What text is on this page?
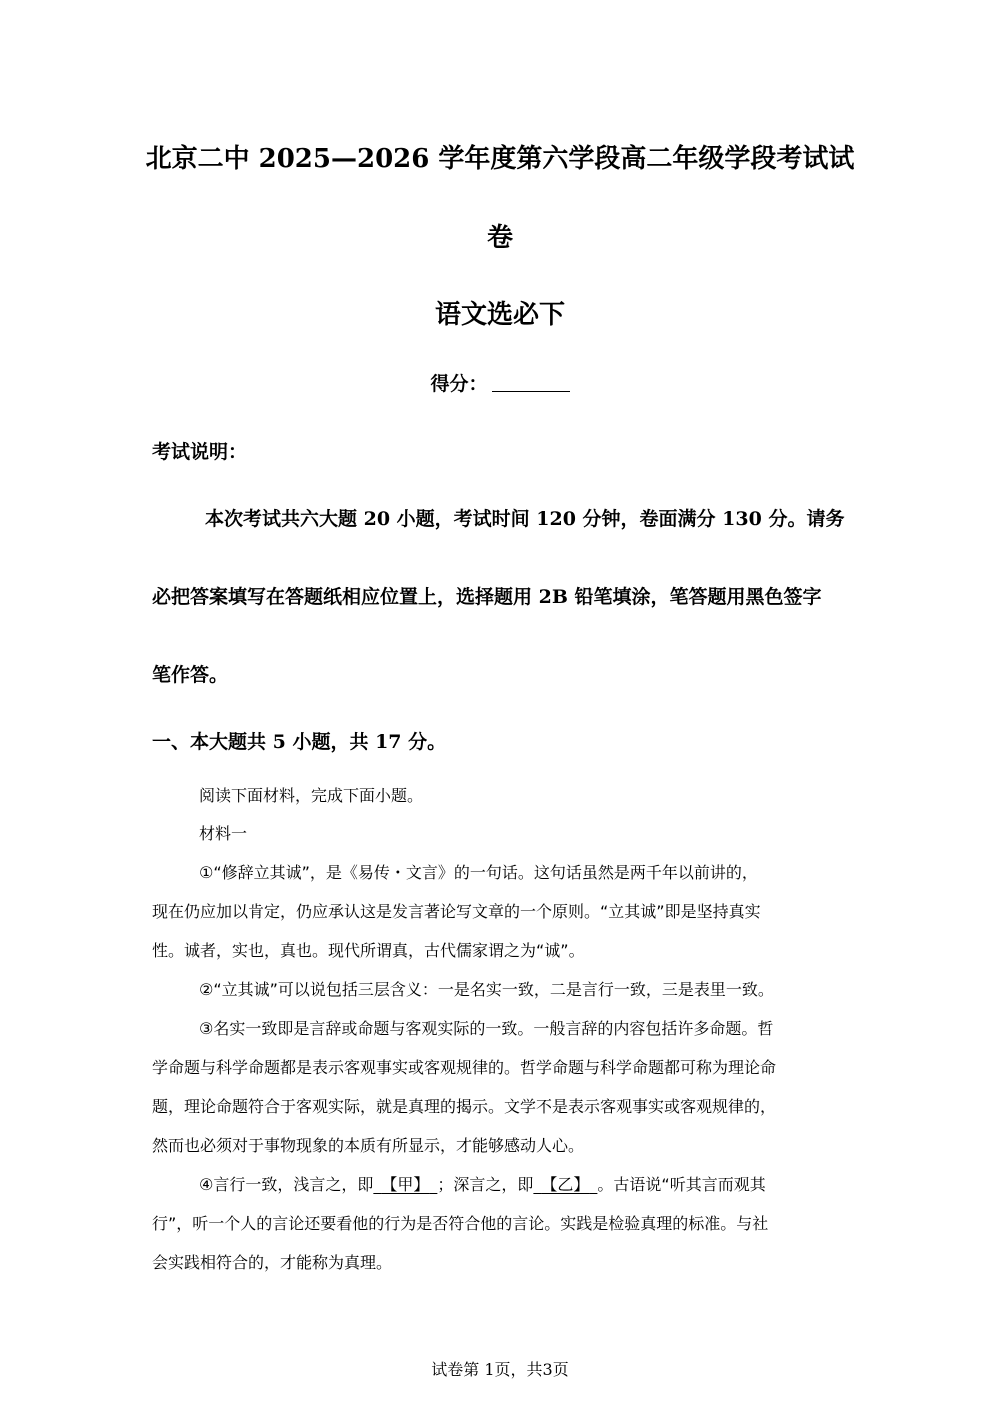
北京二中 2025—2026 学年度第六学段高二年级学段考试试
卷
语文选必下
得分：
考试说明：
本次考试共六大题 20 小题，考试时间 120 分钟，卷面满分 130 分。请务
必把答案填写在答题纸相应位置上，选择题用 2B 铅笔填涂，笔答题用黑色签字
笔作答。
一、本大题共 5 小题，共 17 分。
阅读下面材料，完成下面小题。
材料一
①“修辞立其诚”，是《易传・文言》的一句话。这句话虽然是两千年以前讲的，
现在仍应加以肯定，仍应承认这是发言著论写文章的一个原则。“立其诚”即是坚持真实
性。诚者，实也，真也。现代所谓真，古代儒家谓之为“诚”。
②“立其诚”可以说包括三层含义：一是名实一致，二是言行一致，三是表里一致。
③名实一致即是言辞或命题与客观实际的一致。一般言辞的内容包括许多命题。哲
学命题与科学命题都是表示客观事实或客观规律的。哲学命题与科学命题都可称为理论命
题，理论命题符合于客观实际，就是真理的揭示。文学不是表示客观事实或客观规律的，
然而也必须对于事物现象的本质有所显示，才能够感动人心。
④言行一致，浅言之，即  【甲】  ；深言之，即  【乙】  。古语说“听其言而观其
行”，听一个人的言论还要看他的行为是否符合他的言论。实践是检验真理的标准。与社
会实践相符合的，才能称为真理。
试卷第 1页，共3页
